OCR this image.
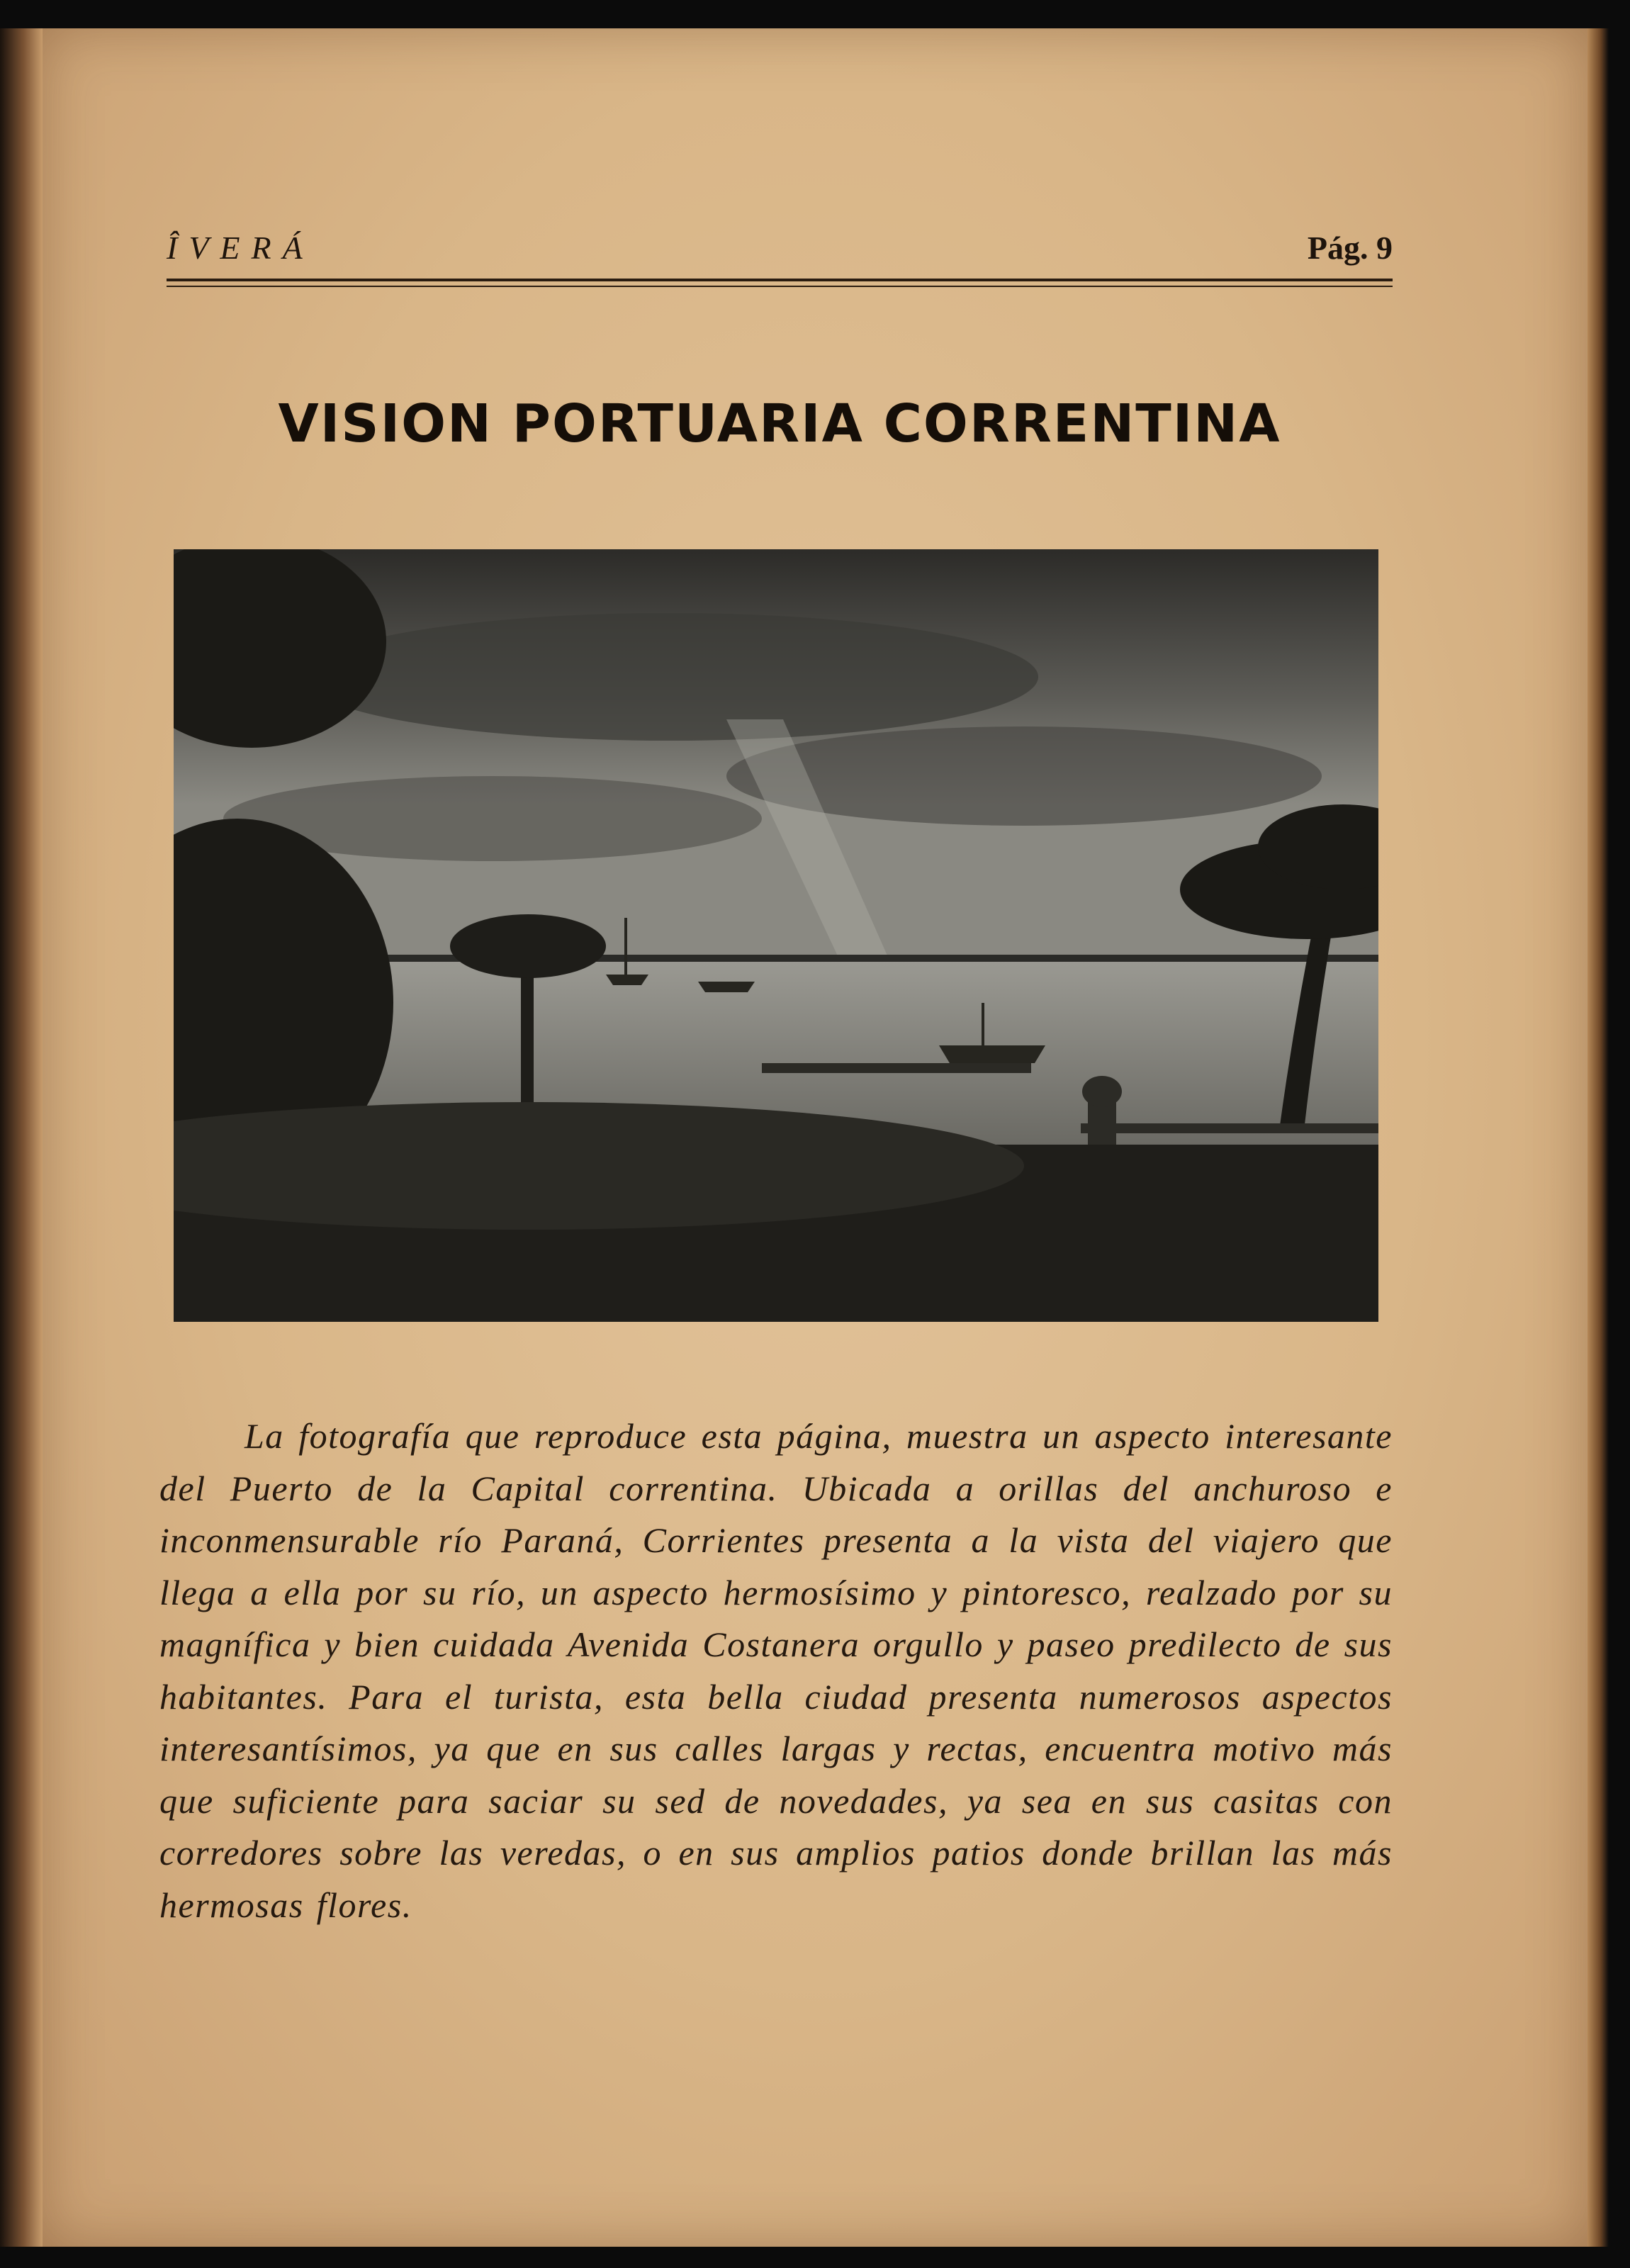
ÎVERÁ	Pág. 9
VISION PORTUARIA CORRENTINA

La fotografía que reproduce esta página, muestra un aspecto interesante del Puerto de la Capital correntina. Ubicada a orillas del anchuroso e inconmensurable río Paraná, Corrientes presenta a la vista del viajero que llega a ella por su río, un aspecto hermosísimo y pintoresco, realzado por su magnífica y bien cuidada Avenida Costanera orgullo y paseo predilecto de sus habitantes. Para el turista, esta bella ciudad presenta numerosos aspectos interesantísimos, ya que en sus calles largas y rectas, encuentra motivo más que suficiente para saciar su sed de novedades, ya sea en sus casitas con corredores sobre las veredas, o en sus amplios patios donde brillan las más hermosas flores.
